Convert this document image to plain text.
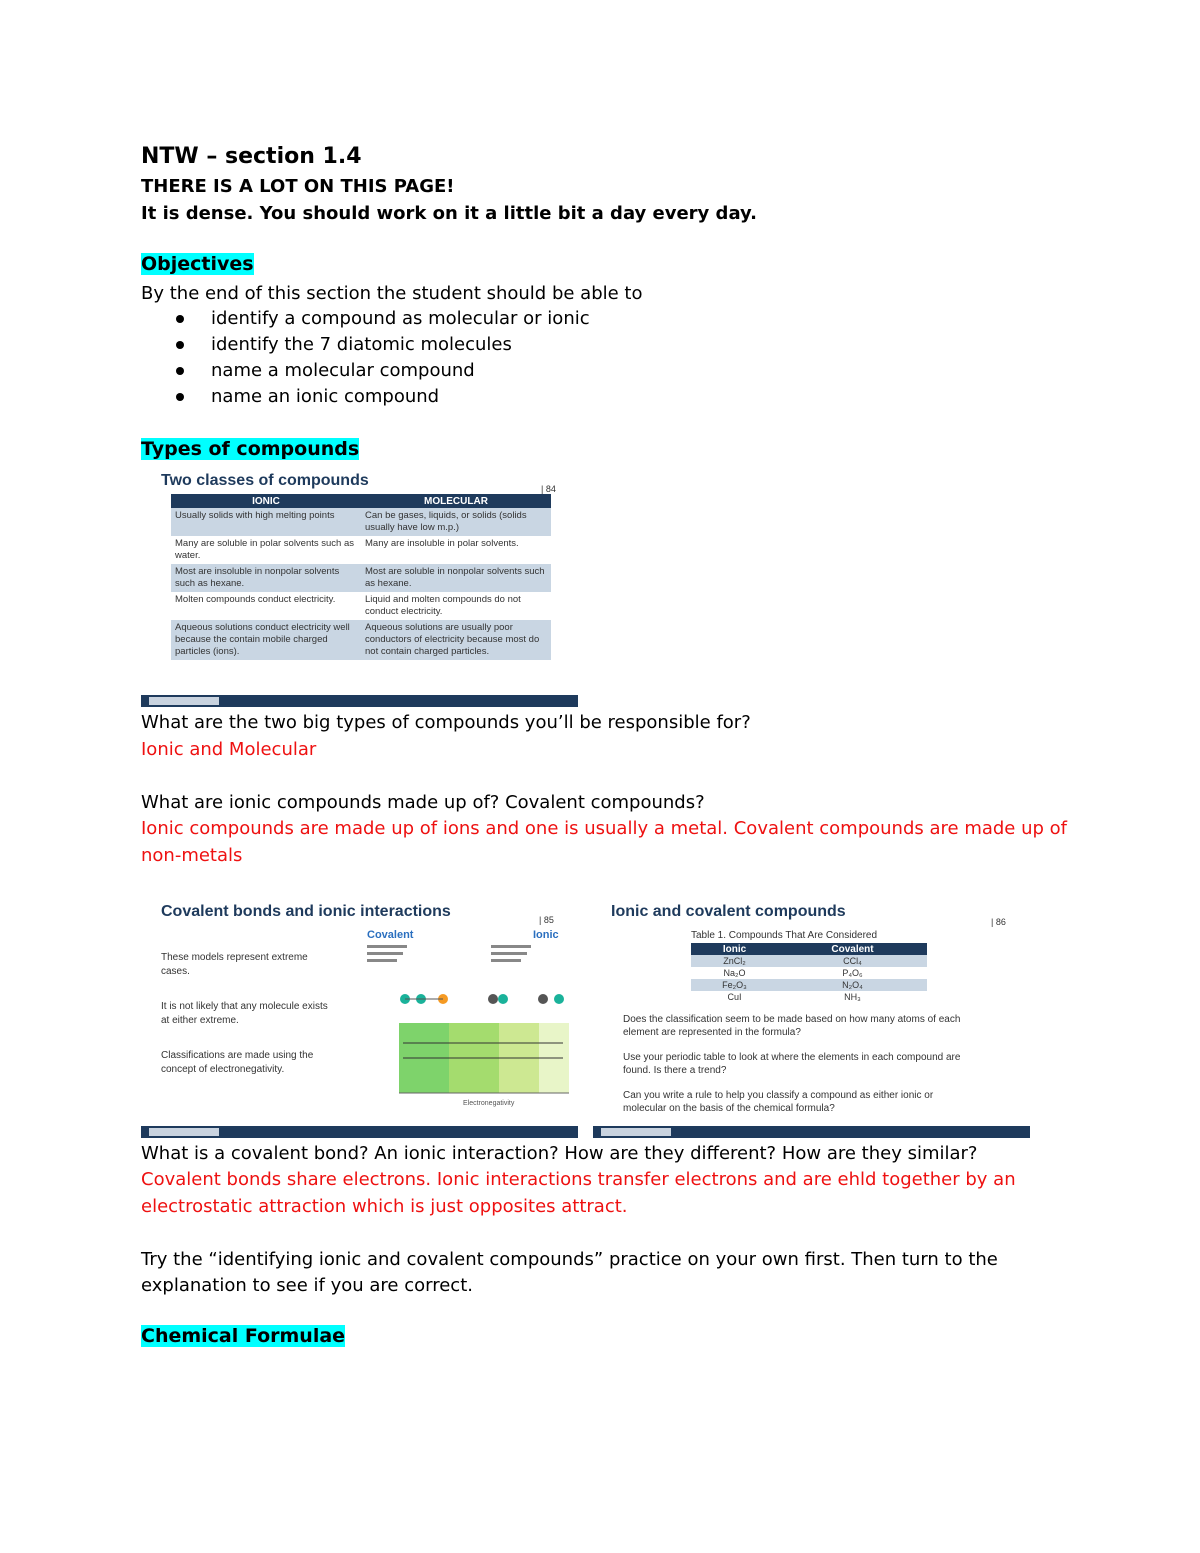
NTW – section 1.4
THERE IS A LOT ON THIS PAGE!
It is dense. You should work on it a little bit a day every day.
Objectives
By the end of this section the student should be able to
identify a compound as molecular or ionic
identify the 7 diatomic molecules
name a molecular compound
name an ionic compound
Types of compounds
Two classes of compounds	| 84
IONIC	MOLECULAR
Usually solids with high melting points	Can be gases, liquids, or solids (solids usually have low m.p.)
Many are soluble in polar solvents such as water.	Many are insoluble in polar solvents.
Most are insoluble in nonpolar solvents such as hexane.	Most are soluble in nonpolar solvents such as hexane.
Molten compounds conduct electricity.	Liquid and molten compounds do not conduct electricity.
Aqueous solutions conduct electricity well because the contain mobile charged particles (ions).	Aqueous solutions are usually poor conductors of electricity because most do not contain charged particles.
What are the two big types of compounds you’ll be responsible for?
Ionic and Molecular
What are ionic compounds made up of? Covalent compounds?
Ionic compounds are made up of ions and one is usually a metal. Covalent compounds are made up of
non-metals
Covalent bonds and ionic interactions	| 85
These models represent extreme
cases.
It is not likely that any molecule exists
at either extreme.
Classifications are made using the
concept of electronegativity.
Covalent	Ionic
Electronegativity
Ionic and covalent compounds
| 86
Table 1. Compounds That Are Considered
Ionic	Covalent
ZnCl₂	CCl₄
Na₂O	P₄O₆
Fe₂O₃	N₂O₄
CuI	NH₃
Does the classification seem to be made based on how many atoms of each
element are represented in the formula?
Use your periodic table to look at where the elements in each compound are
found. Is there a trend?
Can you write a rule to help you classify a compound as either ionic or
molecular on the basis of the chemical formula?
What is a covalent bond? An ionic interaction? How are they different? How are they similar?
Covalent bonds share electrons. Ionic interactions transfer electrons and are ehld together by an
electrostatic attraction which is just opposites attract.
Try the “identifying ionic and covalent compounds” practice on your own first. Then turn to the
explanation to see if you are correct.
Chemical Formulae
